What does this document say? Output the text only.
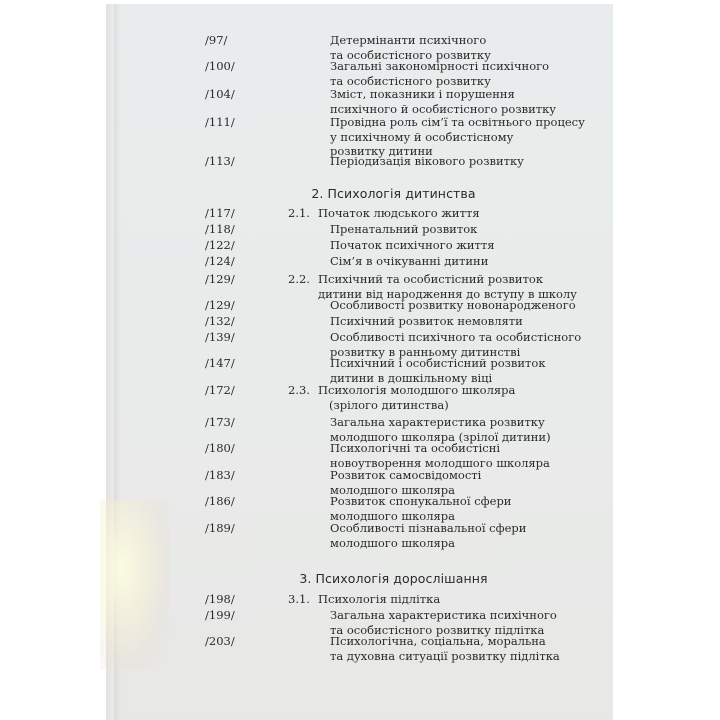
/97/	Детермінанти психічного
та особистісного розвитку
/100/	Загальні закономірності психічного
та особистісного розвитку
/104/	Зміст, показники і порушення
психічного й особистісного розвитку
/111/	Провідна роль сім’ї та освітнього процесу
у психічному й особистісному
розвитку дитини
/113/	Періодизація вікового розвитку
2. Психологія дитинства
/117/	2.1. Початок людського життя
/118/	Пренатальний розвиток
/122/	Початок психічного життя
/124/	Сім’я в очікуванні дитини
/129/	2.2. Психічний та особистісний розвиток
дитини від народження до вступу в школу
/129/	Особливості розвитку новонародженого
/132/	Психічний розвиток немовляти
/139/	Особливості психічного та особистісного
розвитку в ранньому дитинстві
/147/	Психічний і особистісний розвиток
дитини в дошкільному віці
/172/	2.3. Психологія молодшого школяра
(зрілого дитинства)
/173/	Загальна характеристика розвитку
молодшого школяра (зрілої дитини)
/180/	Психологічні та особистісні
новоутворення молодшого школяра
/183/	Розвиток самосвідомості
молодшого школяра
/186/	Розвиток спонукальної сфери
молодшого школяра
/189/	Особливості пізнавальної сфери
молодшого школяра
3. Психологія дорослішання
/198/	3.1. Психологія підлітка
/199/	Загальна характеристика психічного
та особистісного розвитку підлітка
/203/	Психологічна, соціальна, моральна
та духовна ситуації розвитку підлітка
